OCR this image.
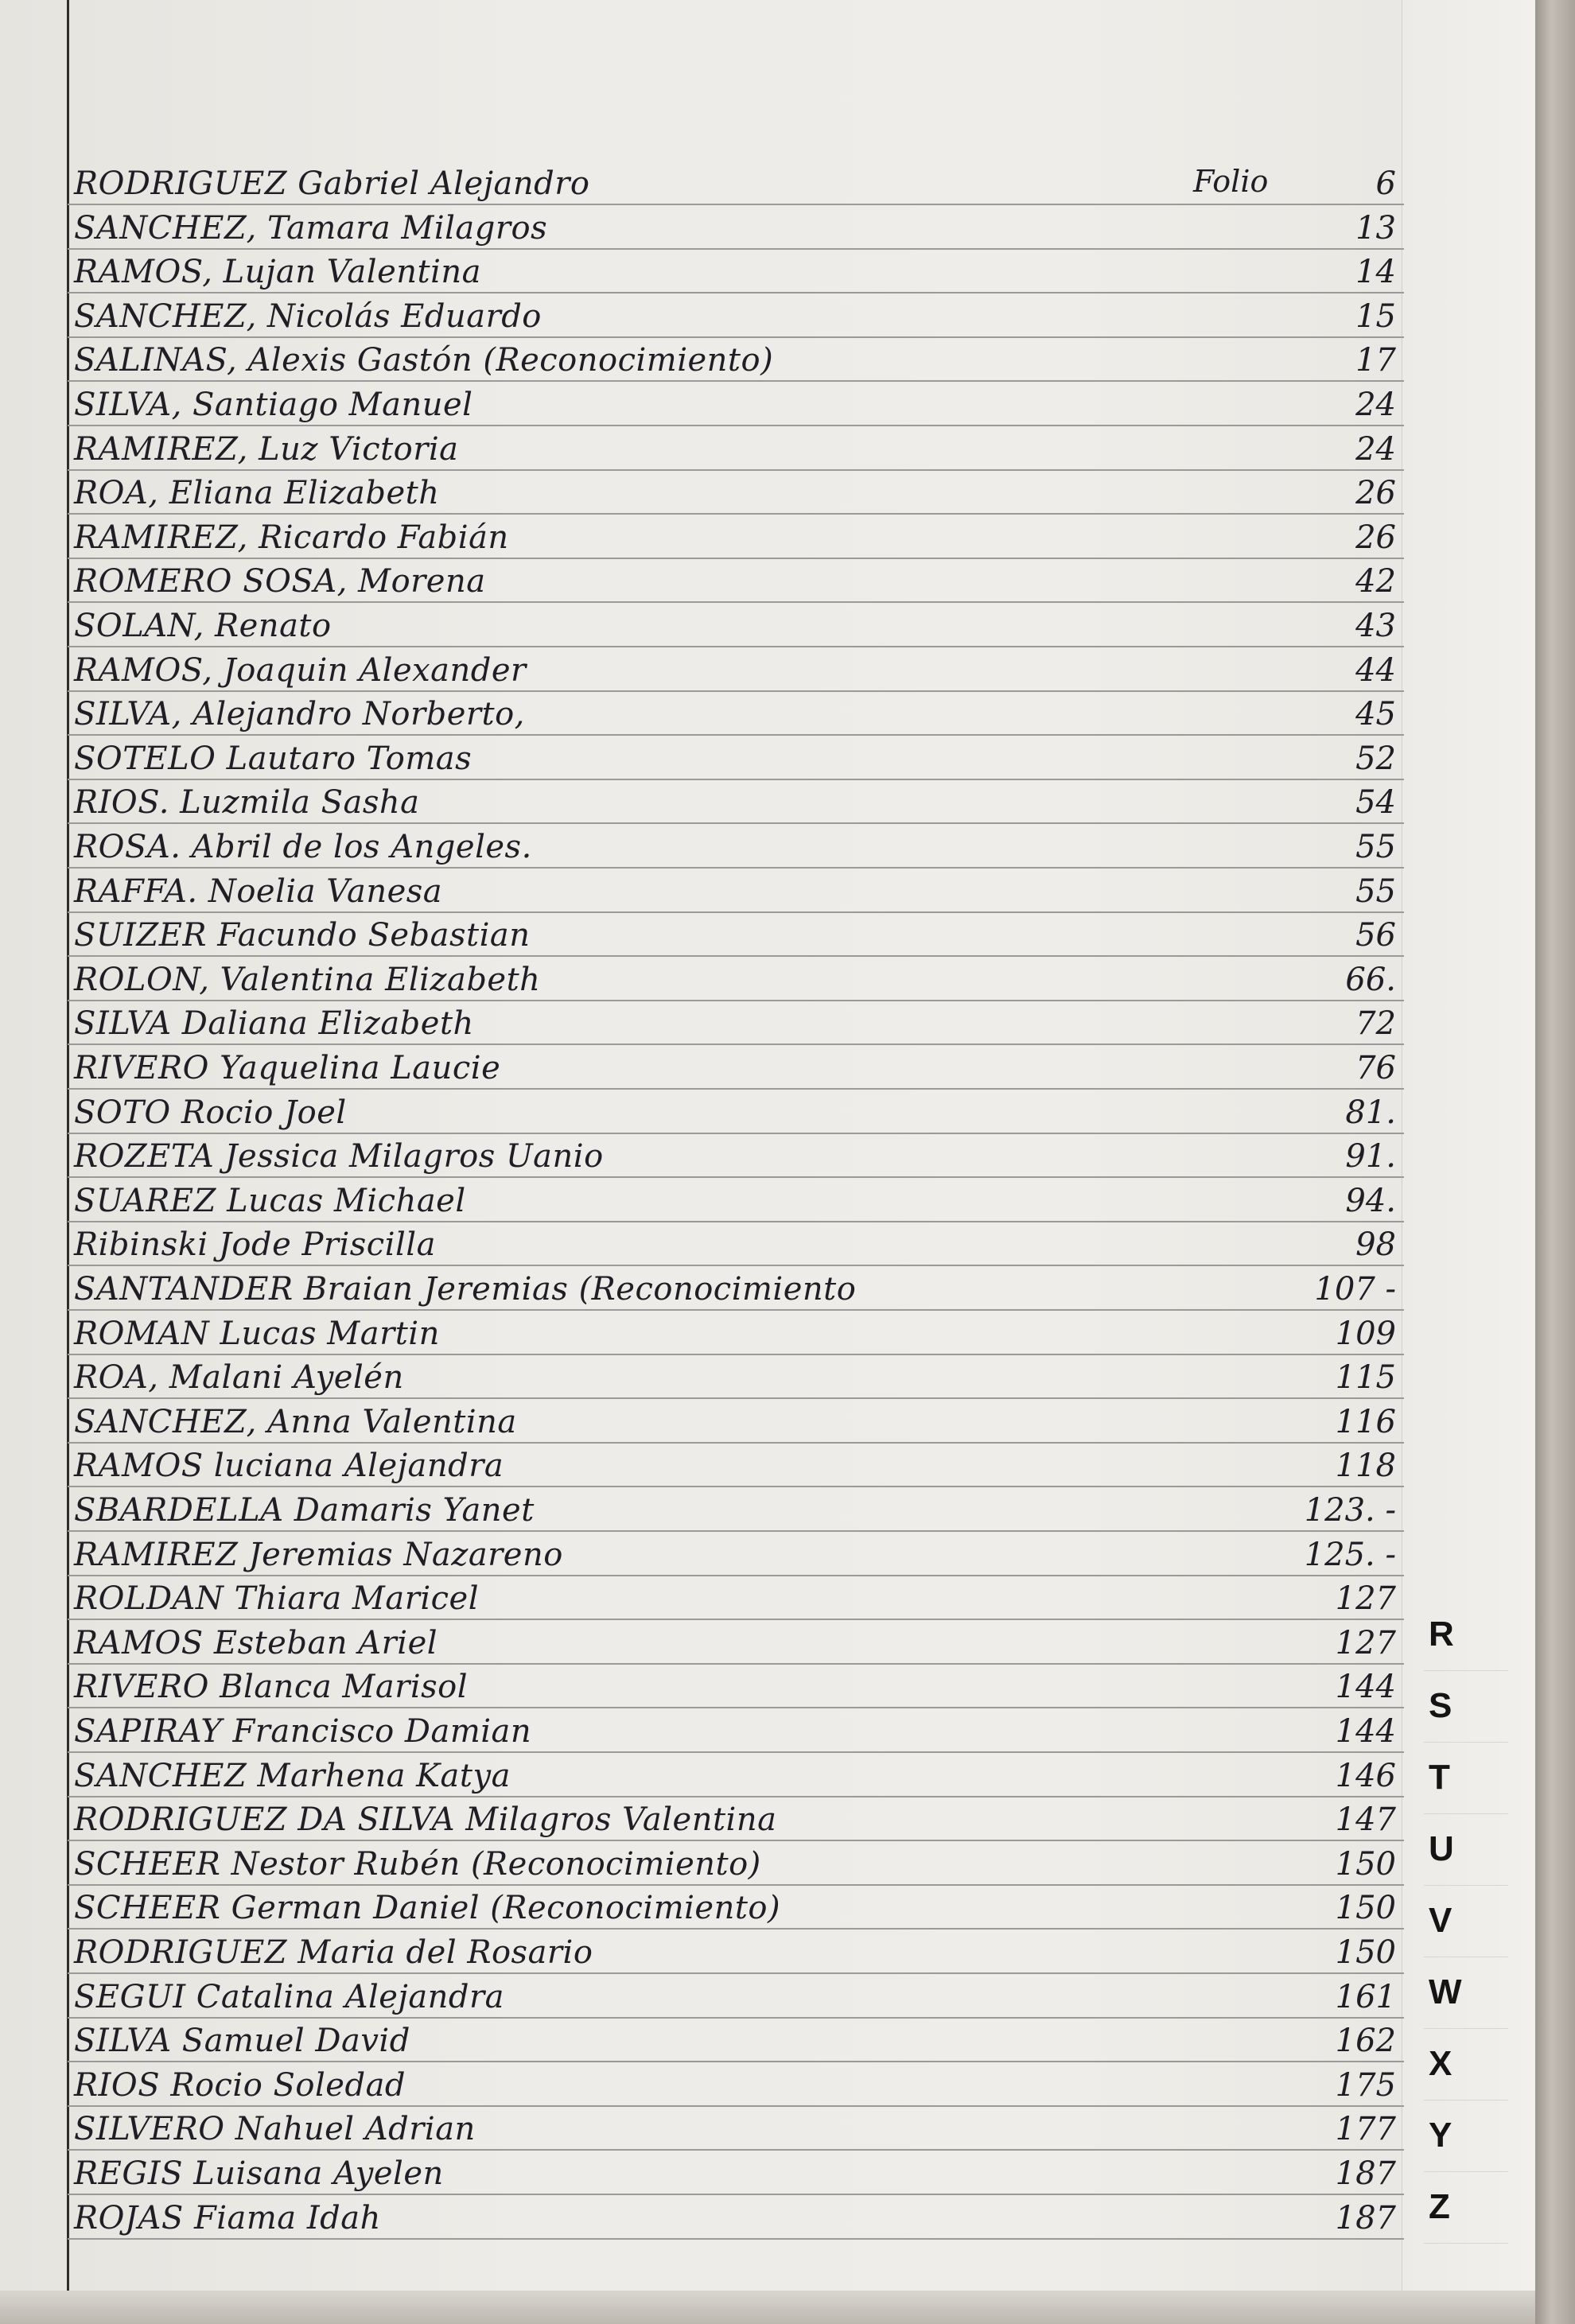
Folio
RODRIGUEZ Gabriel Alejandro	6
SANCHEZ, Tamara Milagros	13
RAMOS, Lujan Valentina	14
SANCHEZ, Nicolás Eduardo	15
SALINAS, Alexis Gastón (Reconocimiento)	17
SILVA, Santiago Manuel	24
RAMIREZ, Luz Victoria	24
ROA, Eliana Elizabeth	26
RAMIREZ, Ricardo Fabián	26
ROMERO SOSA, Morena	42
SOLAN, Renato	43
RAMOS, Joaquin Alexander	44
SILVA, Alejandro Norberto,	45
SOTELO Lautaro Tomas	52
RIOS. Luzmila Sasha	54
ROSA. Abril de los Angeles.	55
RAFFA. Noelia Vanesa	55
SUIZER Facundo Sebastian	56
ROLON, Valentina Elizabeth	66.
SILVA Daliana Elizabeth	72
RIVERO Yaquelina Laucie	76
SOTO Rocio Joel	81.
ROZETA Jessica Milagros Uanio	91.
SUAREZ Lucas Michael	94.
Ribinski Jode Priscilla	98
SANTANDER Braian Jeremias (Reconocimiento	107 -
ROMAN Lucas Martin	109
ROA, Malani Ayelén	115
SANCHEZ, Anna Valentina	116
RAMOS luciana Alejandra	118
SBARDELLA Damaris Yanet	123. -
RAMIREZ Jeremias Nazareno	125. -
ROLDAN Thiara Maricel	127
RAMOS Esteban Ariel	127
RIVERO Blanca Marisol	144
SAPIRAY Francisco Damian	144
SANCHEZ Marhena Katya	146
RODRIGUEZ DA SILVA Milagros Valentina	147
SCHEER Nestor Rubén (Reconocimiento)	150
SCHEER German Daniel (Reconocimiento)	150
RODRIGUEZ Maria del Rosario	150
SEGUI Catalina Alejandra	161
SILVA Samuel David	162
RIOS Rocio Soledad	175
SILVERO Nahuel Adrian	177
REGIS Luisana Ayelen	187
ROJAS Fiama Idah	187
R
S
T
U
V
W
X
Y
Z
